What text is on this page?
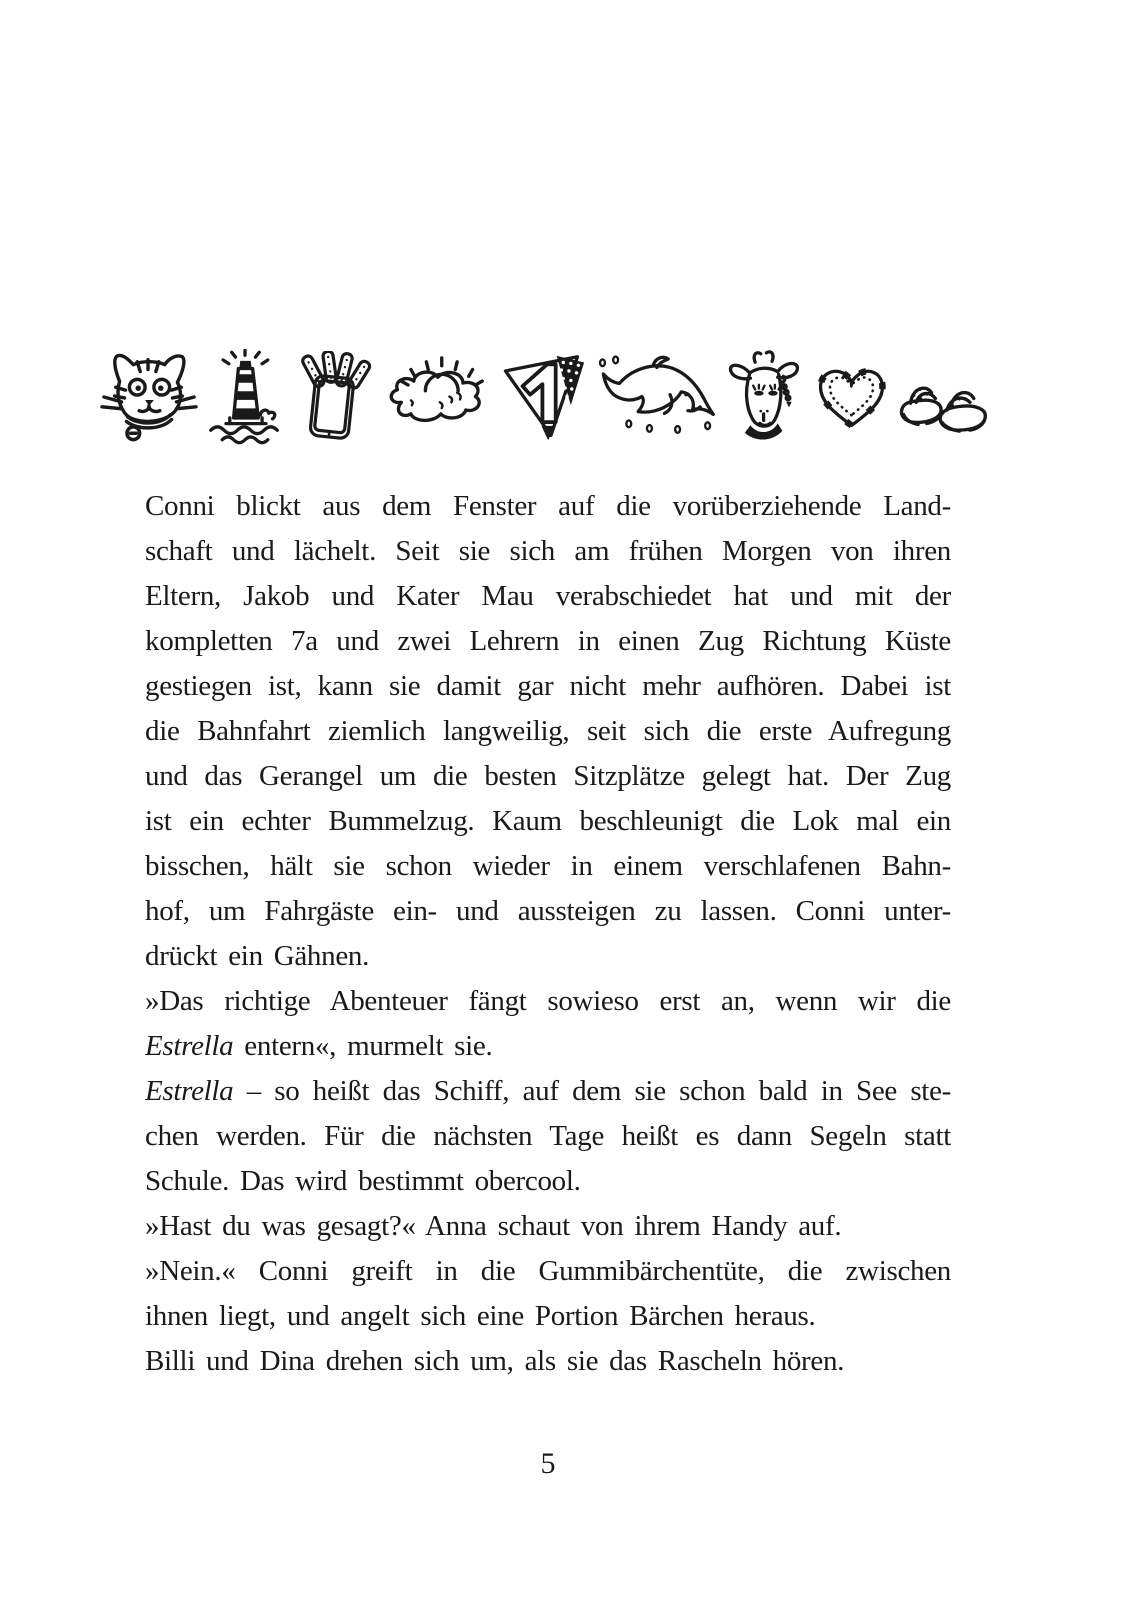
Conni blickt aus dem Fenster auf die vorüberziehende Land-
schaft und lächelt. Seit sie sich am frühen Morgen von ihren
Eltern, Jakob und Kater Mau verabschiedet hat und mit der
kompletten 7a und zwei Lehrern in einen Zug Richtung Küste
gestiegen ist, kann sie damit gar nicht mehr aufhören. Dabei ist
die Bahnfahrt ziemlich langweilig, seit sich die erste Aufregung
und das Gerangel um die besten Sitzplätze gelegt hat. Der Zug
ist ein echter Bummelzug. Kaum beschleunigt die Lok mal ein
bisschen, hält sie schon wieder in einem verschlafenen Bahn-
hof, um Fahrgäste ein- und aussteigen zu lassen. Conni unter-
drückt ein Gähnen.
»Das richtige Abenteuer fängt sowieso erst an, wenn wir die
Estrella entern«, murmelt sie.
Estrella – so heißt das Schiff, auf dem sie schon bald in See ste-
chen werden. Für die nächsten Tage heißt es dann Segeln statt
Schule. Das wird bestimmt obercool.
»Hast du was gesagt?« Anna schaut von ihrem Handy auf.
»Nein.« Conni greift in die Gummibärchentüte, die zwischen
ihnen liegt, und angelt sich eine Portion Bärchen heraus.
Billi und Dina drehen sich um, als sie das Rascheln hören.
5
